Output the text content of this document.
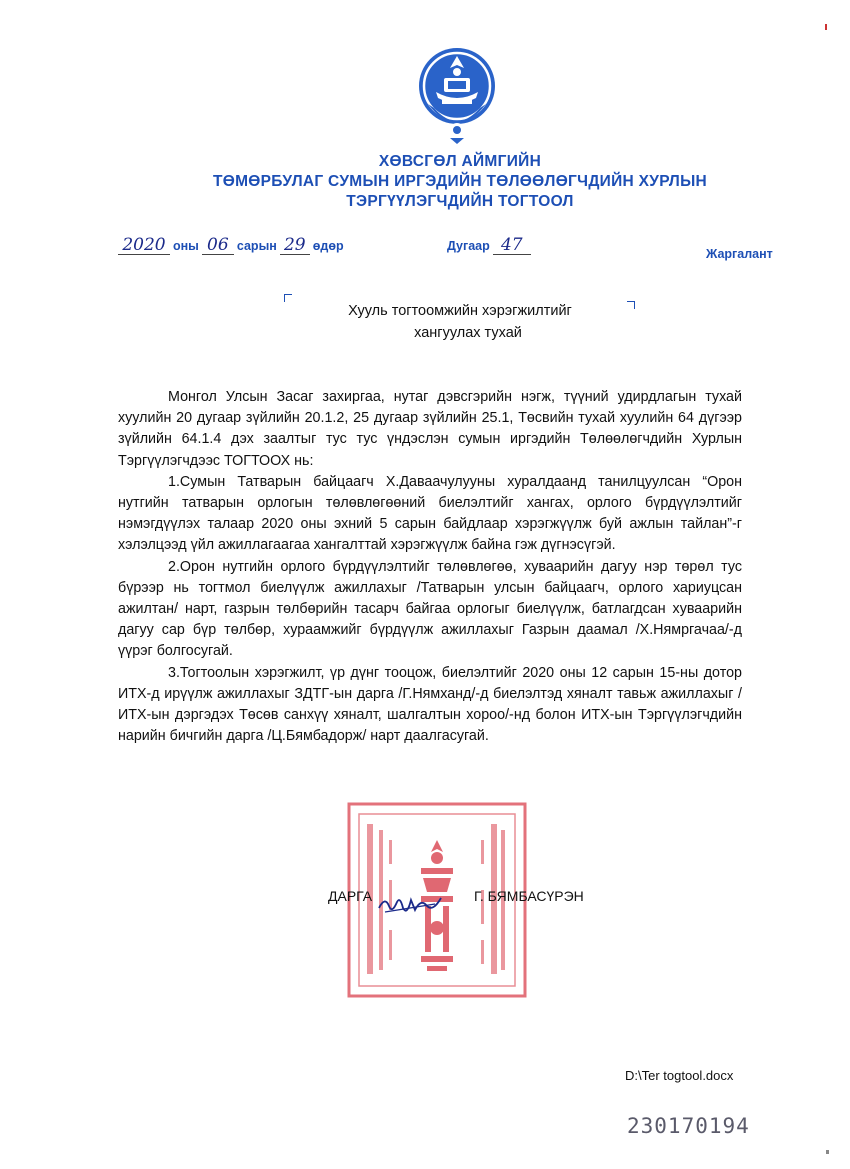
ХӨВСГӨЛ АЙМГИЙН
ТӨМӨРБУЛАГ СУМЫН ИРГЭДИЙН ТӨЛӨӨЛӨГЧДИЙН ХУРЛЫН
ТЭРГҮҮЛЭГЧДИЙН ТОГТООЛ
2020 оны 06 сарын 29 өдөр	Дугаар 47	Жаргалант
Хууль тогтоомжийн хэрэгжилтийг
хангуулах тухай

Монгол Улсын Засаг захиргаа, нутаг дэвсгэрийн нэгж, түүний удирдлагын тухай хуулийн 20 дугаар зүйлийн 20.1.2, 25 дугаар зүйлийн 25.1, Төсвийн тухай хуулийн 64 дүгээр зүйлийн 64.1.4 дэх заалтыг тус тус үндэслэн сумын иргэдийн Төлөөлөгчдийн Хурлын Тэргүүлэгчдээс ТОГТООХ нь:

1.Сумын Татварын байцаагч Х.Даваачулууны хуралдаанд танилцуулсан “Орон нутгийн татварын орлогын төлөвлөгөөний биелэлтийг хангах, орлого бүрдүүлэлтийг нэмэгдүүлэх талаар 2020 оны эхний 5 сарын байдлаар хэрэгжүүлж буй ажлын тайлан”-г хэлэлцээд үйл ажиллагаагаа хангалттай хэрэгжүүлж байна гэж дүгнэсүгэй.

2.Орон нутгийн орлого бүрдүүлэлтийг төлөвлөгөө, хуваарийн дагуу нэр төрөл тус бүрээр нь тогтмол биелүүлж ажиллахыг /Татварын улсын байцаагч, орлого хариуцсан ажилтан/ нарт, газрын төлбөрийн тасарч байгаа орлогыг биелүүлж, батлагдсан хуваарийн дагуу сар бүр төлбөр, хураамжийг бүрдүүлж ажиллахыг Газрын даамал /Х.Нямргачаа/-д үүрэг болгосугай.

3.Тогтоолын хэрэгжилт, үр дүнг тооцож, биелэлтийг 2020 оны 12 сарын 15-ны дотор ИТХ-д ирүүлж ажиллахыг ЗДТГ-ын дарга /Г.Нямханд/-д биелэлтэд хяналт тавьж ажиллахыг /ИТХ-ын дэргэдэх Төсөв санхүү хяналт, шалгалтын хороо/-нд болон ИТХ-ын Тэргүүлэгчдийн нарийн бичгийн дарга /Ц.Бямбадорж/ нарт даалгасугай.

ДАРГА	Г. БЯМБАСҮРЭН
D:\Ter togtool.docx
230170194
